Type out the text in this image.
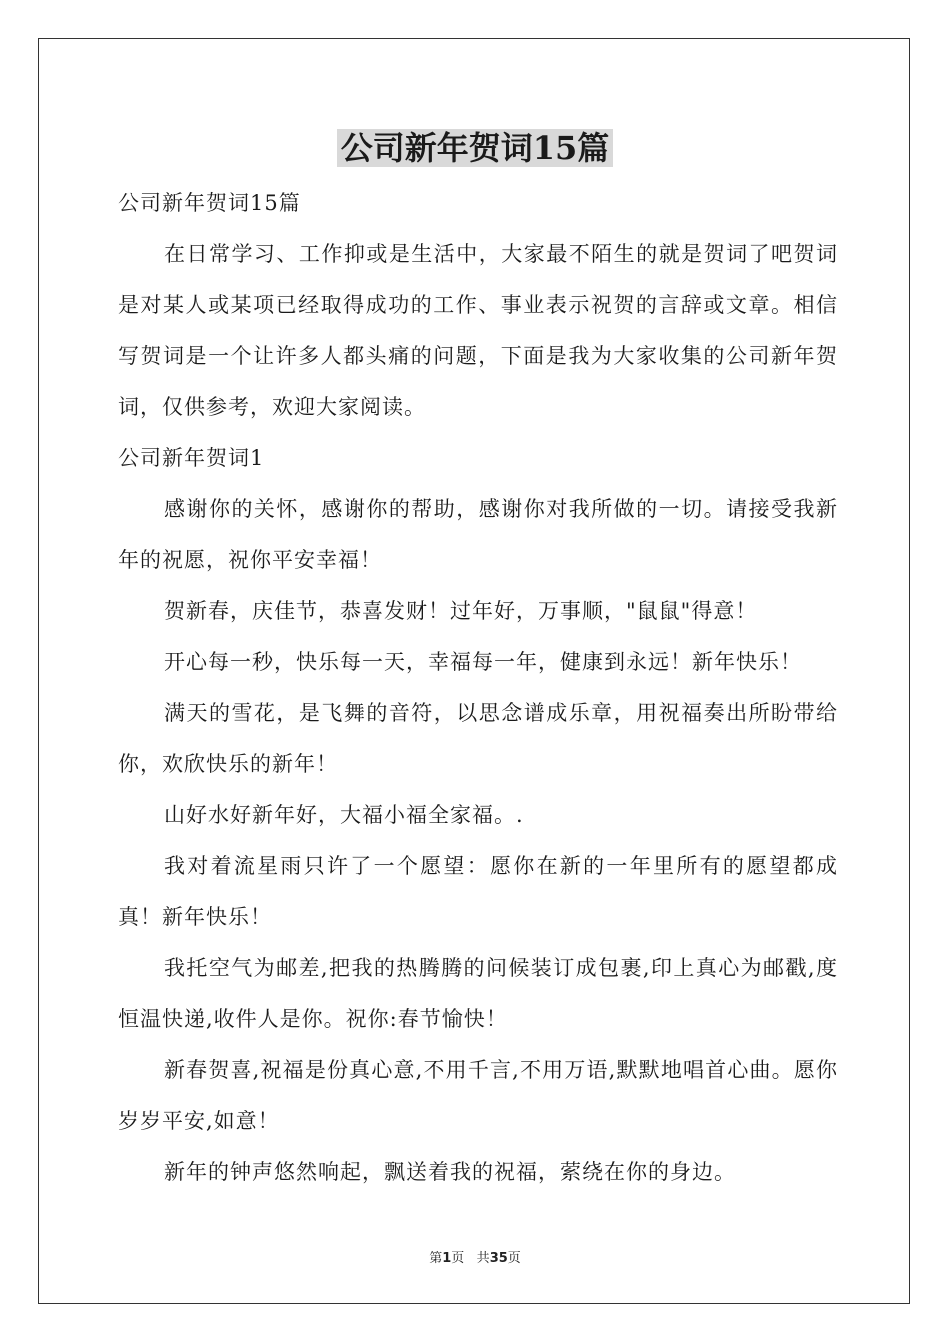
公司新年贺词15篇

公司新年贺词15篇

在日常学习、工作抑或是生活中，大家最不陌生的就是贺词了吧贺词是对某人或某项已经取得成功的工作、事业表示祝贺的言辞或文章。相信写贺词是一个让许多人都头痛的问题，下面是我为大家收集的公司新年贺词，仅供参考，欢迎大家阅读。

公司新年贺词1

感谢你的关怀，感谢你的帮助，感谢你对我所做的一切。请接受我新年的祝愿，祝你平安幸福！

贺新春，庆佳节，恭喜发财！过年好，万事顺，"鼠鼠"得意！

开心每一秒，快乐每一天，幸福每一年，健康到永远！新年快乐！

满天的雪花，是飞舞的音符，以思念谱成乐章，用祝福奏出所盼带给你，欢欣快乐的新年！

山好水好新年好，大福小福全家福。.

我对着流星雨只许了一个愿望：愿你在新的一年里所有的愿望都成真！新年快乐！

我托空气为邮差,把我的热腾腾的问候装订成包裹,印上真心为邮戳,度恒温快递,收件人是你。祝你:春节愉快！

新春贺喜,祝福是份真心意,不用千言,不用万语,默默地唱首心曲。愿你岁岁平安,如意！

新年的钟声悠然响起，飘送着我的祝福，萦绕在你的身边。

第1页 共35页
